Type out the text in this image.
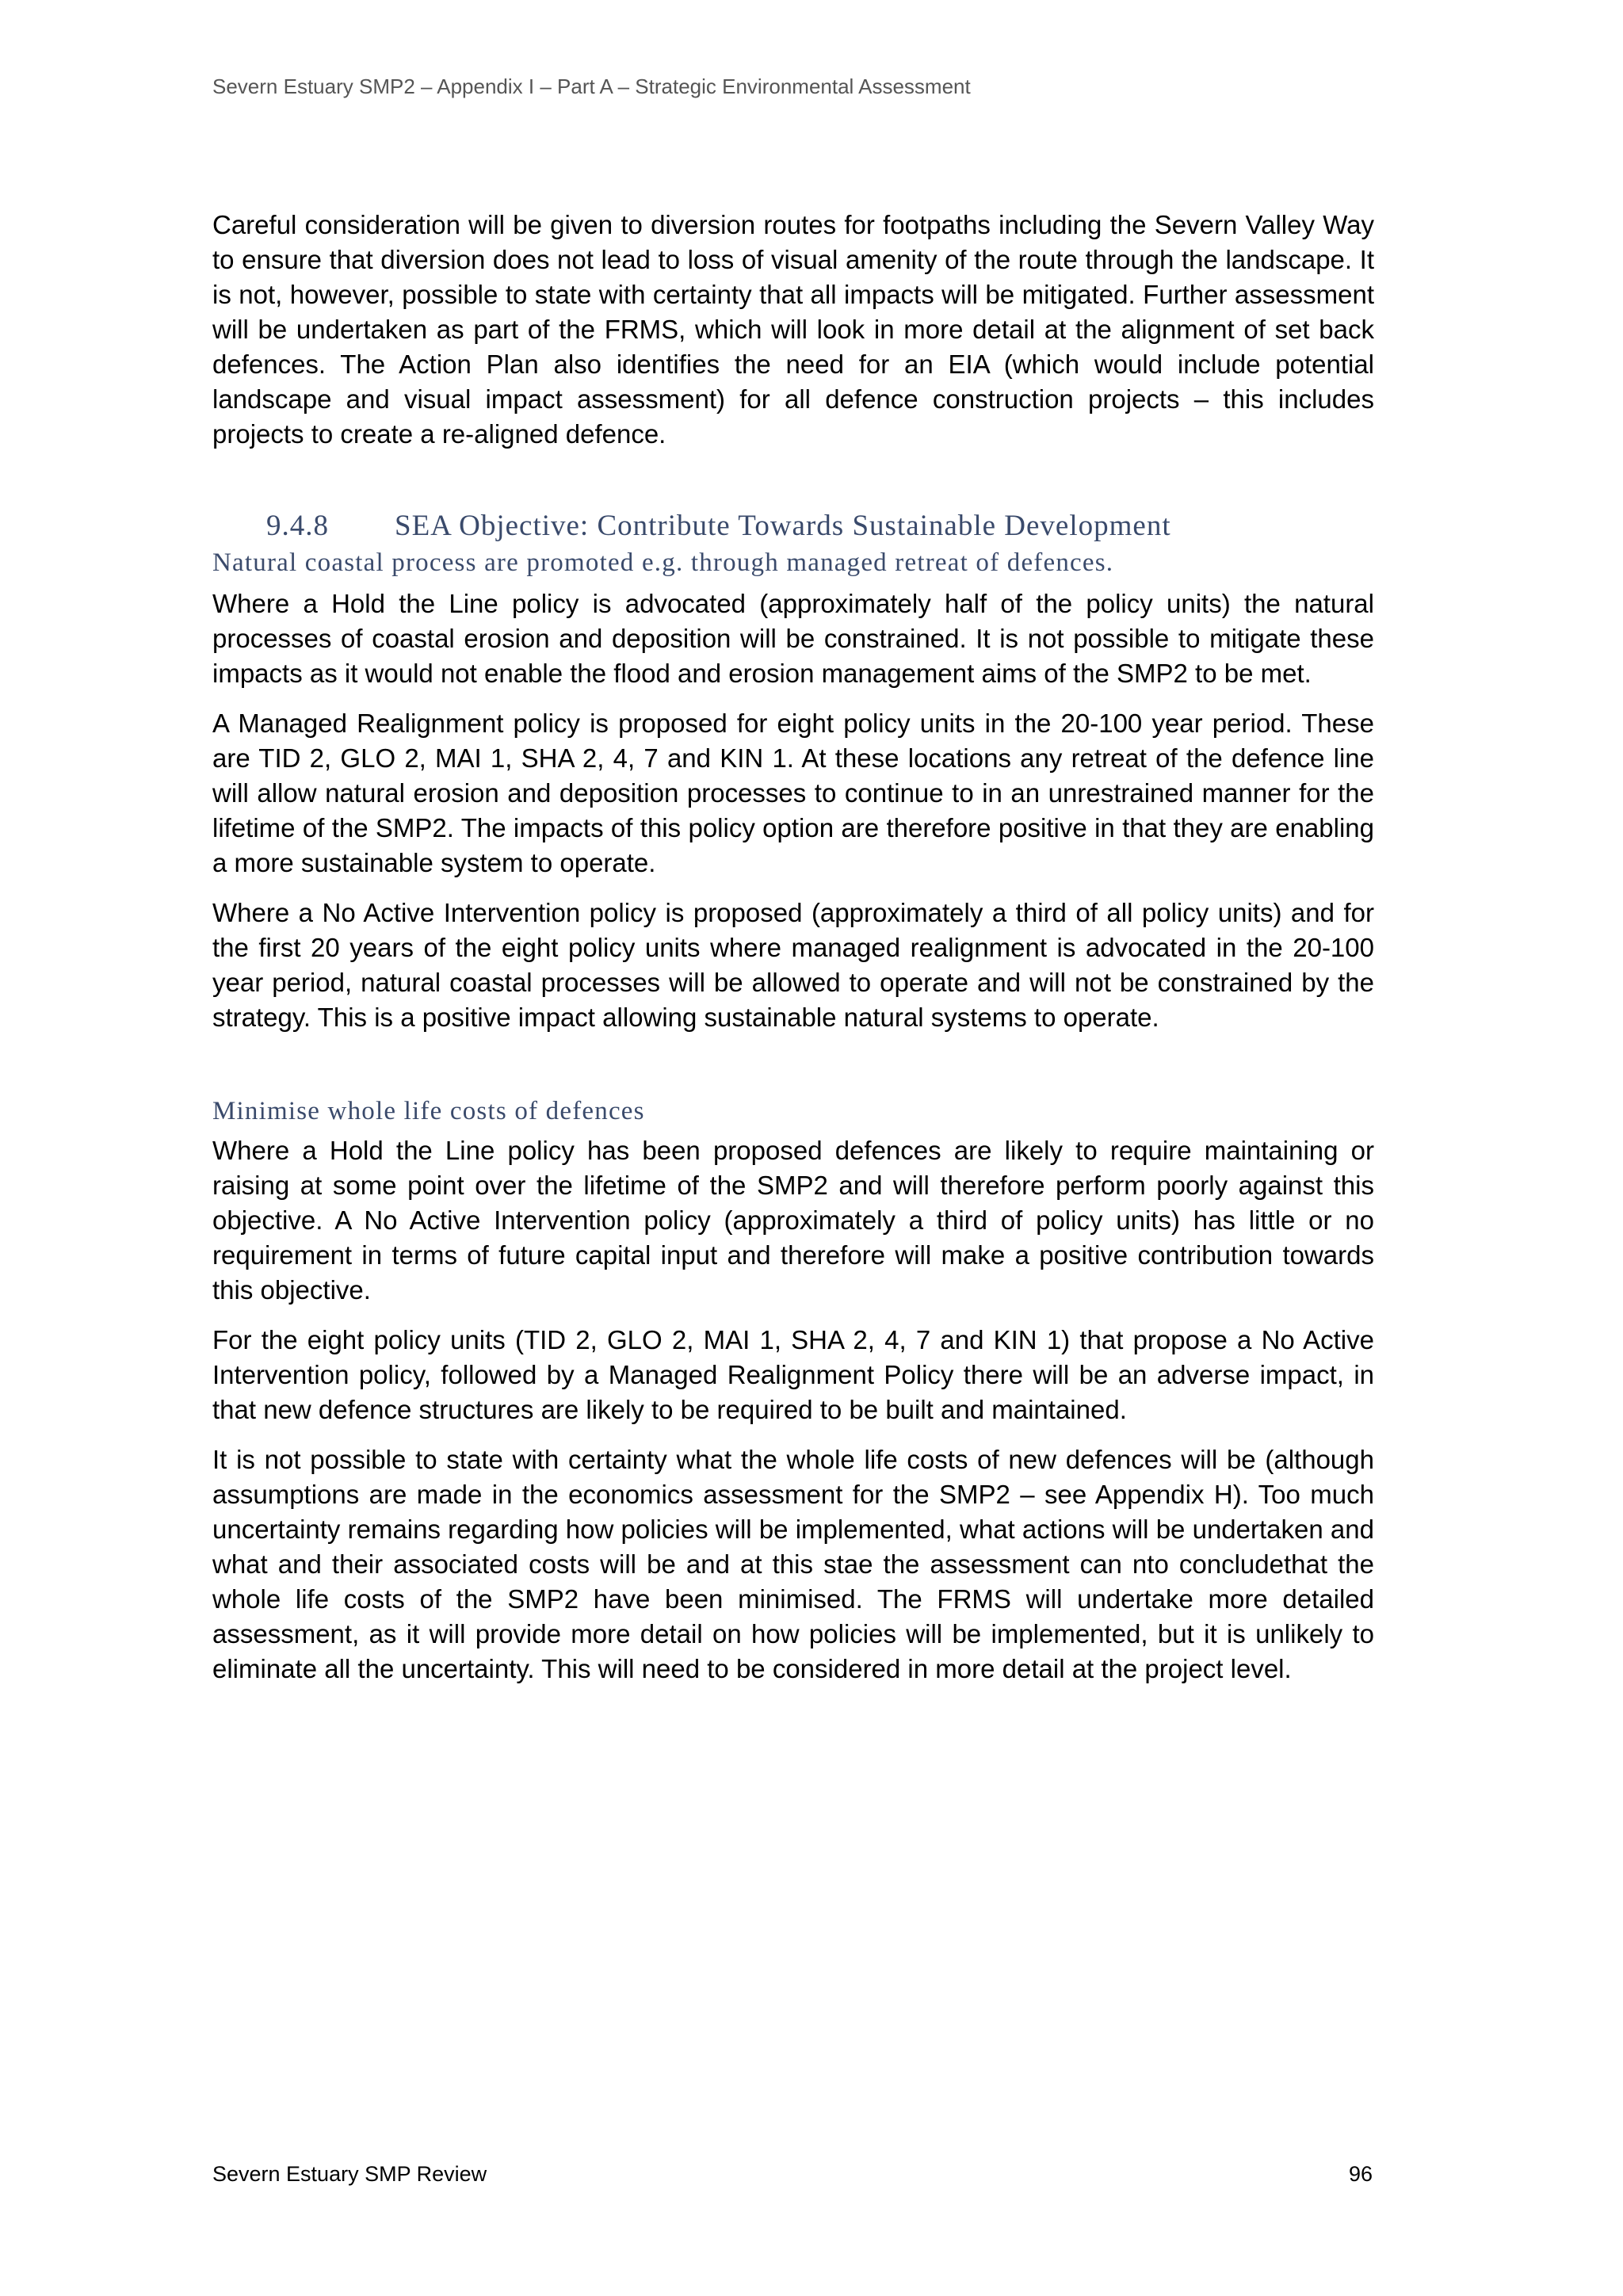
Severn Estuary SMP2 – Appendix I – Part A – Strategic Environmental Assessment

Careful consideration will be given to diversion routes for footpaths including the Severn Valley Way to ensure that diversion does not lead to loss of visual amenity of the route through the landscape. It is not, however, possible to state with certainty that all impacts will be mitigated. Further assessment will be undertaken as part of the FRMS, which will look in more detail at the alignment of set back defences. The Action Plan also identifies the need for an EIA (which would include potential landscape and visual impact assessment) for all defence construction projects – this includes projects to create a re-aligned defence.

9.4.8 SEA Objective: Contribute Towards Sustainable Development
Natural coastal process are promoted e.g. through managed retreat of defences.

Where a Hold the Line policy is advocated (approximately half of the policy units) the natural processes of coastal erosion and deposition will be constrained. It is not possible to mitigate these impacts as it would not enable the flood and erosion management aims of the SMP2 to be met.

A Managed Realignment policy is proposed for eight policy units in the 20-100 year period. These are TID 2, GLO 2, MAI 1, SHA 2, 4, 7 and KIN 1. At these locations any retreat of the defence line will allow natural erosion and deposition processes to continue to in an unrestrained manner for the lifetime of the SMP2. The impacts of this policy option are therefore positive in that they are enabling a more sustainable system to operate.

Where a No Active Intervention policy is proposed (approximately a third of all policy units) and for the first 20 years of the eight policy units where managed realignment is advocated in the 20-100 year period, natural coastal processes will be allowed to operate and will not be constrained by the strategy. This is a positive impact allowing sustainable natural systems to operate.

Minimise whole life costs of defences

Where a Hold the Line policy has been proposed defences are likely to require maintaining or raising at some point over the lifetime of the SMP2 and will therefore perform poorly against this objective. A No Active Intervention policy (approximately a third of policy units) has little or no requirement in terms of future capital input and therefore will make a positive contribution towards this objective.

For the eight policy units (TID 2, GLO 2, MAI 1, SHA 2, 4, 7 and KIN 1) that propose a No Active Intervention policy, followed by a Managed Realignment Policy there will be an adverse impact, in that new defence structures are likely to be required to be built and maintained.

It is not possible to state with certainty what the whole life costs of new defences will be (although assumptions are made in the economics assessment for the SMP2 – see Appendix H). Too much uncertainty remains regarding how policies will be implemented, what actions will be undertaken and what and their associated costs will be and at this stae the assessment can nto concludethat the whole life costs of the SMP2 have been minimised. The FRMS will undertake more detailed assessment, as it will provide more detail on how policies will be implemented, but it is unlikely to eliminate all the uncertainty. This will need to be considered in more detail at the project level.

Severn Estuary SMP Review	96
